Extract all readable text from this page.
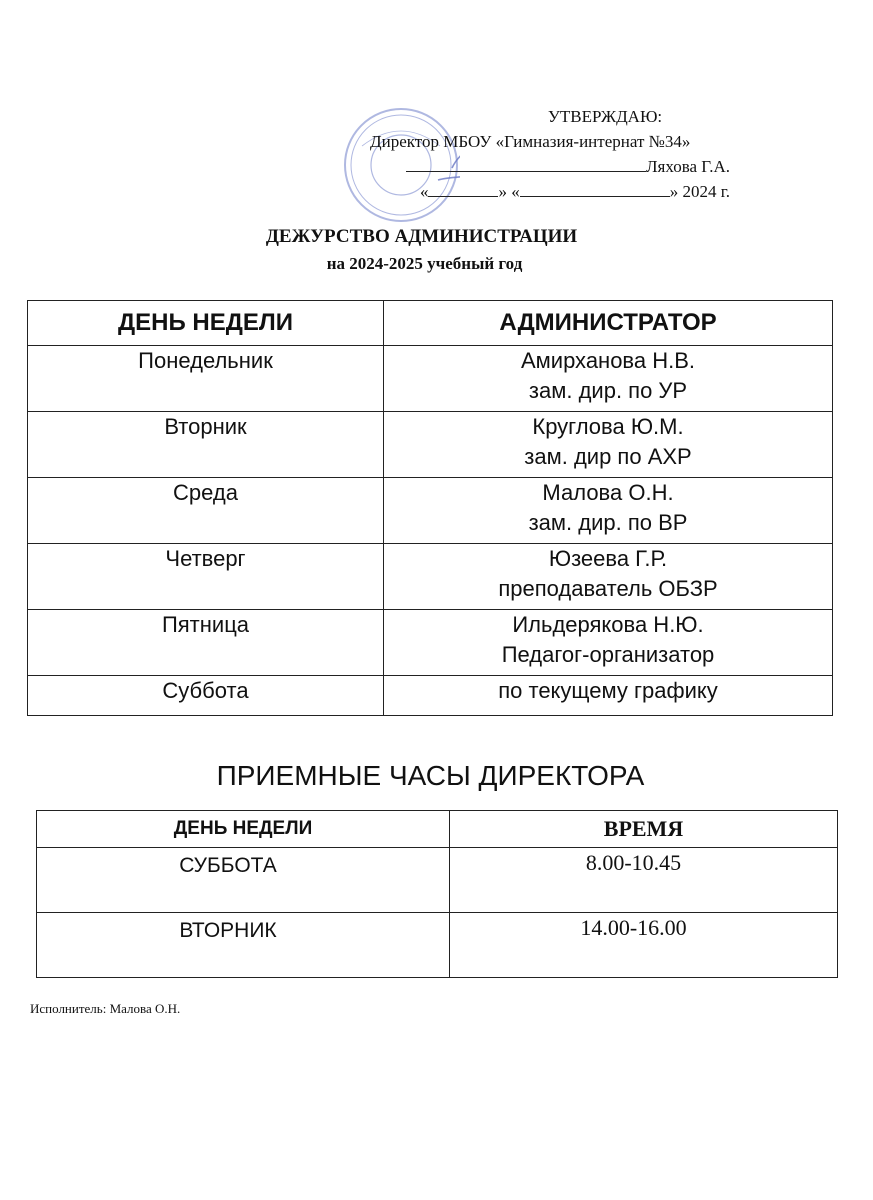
УТВЕРЖДАЮ:
Директор МБОУ «Гимназия-интернат №34»
Ляхова Г.А.
«	» «	» 2024 г.
ДЕЖУРСТВО АДМИНИСТРАЦИИ
на 2024-2025 учебный год
ДЕНЬ НЕДЕЛИ	АДМИНИСТРАТОР
Понедельник	Амирханова Н.В.
зам. дир. по УР

Вторник	Круглова Ю.М.
зам. дир по АХР

Среда	Малова О.Н.
зам. дир. по ВР

Четверг	Юзеева Г.Р.
преподаватель ОБЗР

Пятница	Ильдерякова Н.Ю.
Педагог-организатор

Суббота	по текущему графику
ПРИЕМНЫЕ ЧАСЫ ДИРЕКТОРА
ДЕНЬ НЕДЕЛИ	ВРЕМЯ
СУББОТА	8.00-10.45
ВТОРНИК	14.00-16.00
Исполнитель: Малова О.Н.
